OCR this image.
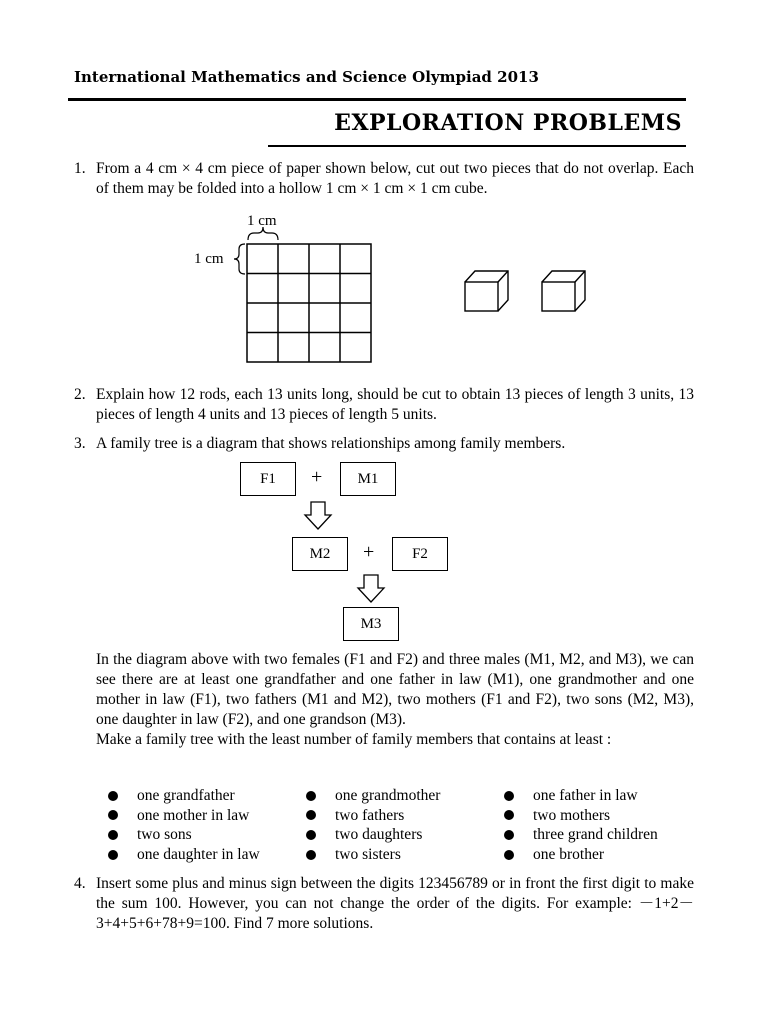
International Mathematics and Science Olympiad 2013
EXPLORATION PROBLEMS
1. From a 4 cm × 4 cm piece of paper shown below, cut out two pieces that do not overlap. Each of them may be folded into a hollow 1 cm × 1 cm × 1 cm cube.

1 cm
1 cm
2. Explain how 12 rods, each 13 units long, should be cut to obtain 13 pieces of length 3 units, 13 pieces of length 4 units and 13 pieces of length 5 units.

3. A family tree is a diagram that shows relationships among family members.

F1	+	M1
M2	+	F2
M3

In the diagram above with two females (F1 and F2) and three males (M1, M2, and M3), we can see there are at least one grandfather and one father in law (M1), one grandmother and one mother in law (F1), two fathers (M1 and M2), two mothers (F1 and F2), two sons (M2, M3), one daughter in law (F2), and one grandson (M3).

Make a family tree with the least number of family members that contains at least :

one grandfather	one grandmother	one father in law
one mother in law	two fathers	two mothers
two sons	two daughters	three grand children
one daughter in law	two sisters	one brother
4. Insert some plus and minus sign between the digits 123456789 or in front the first digit to make the sum 100. However, you can not change the order of the digits. For example: －1+2－3+4+5+6+78+9=100. Find 7 more solutions.
